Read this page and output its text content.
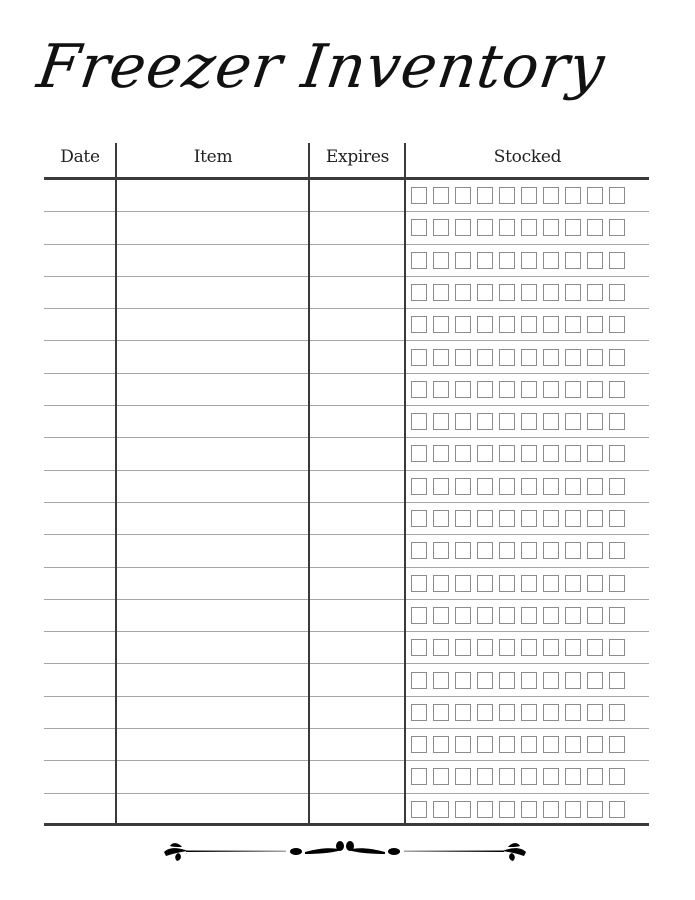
Freezer Inventory
Date	Item	Expires	Stocked
